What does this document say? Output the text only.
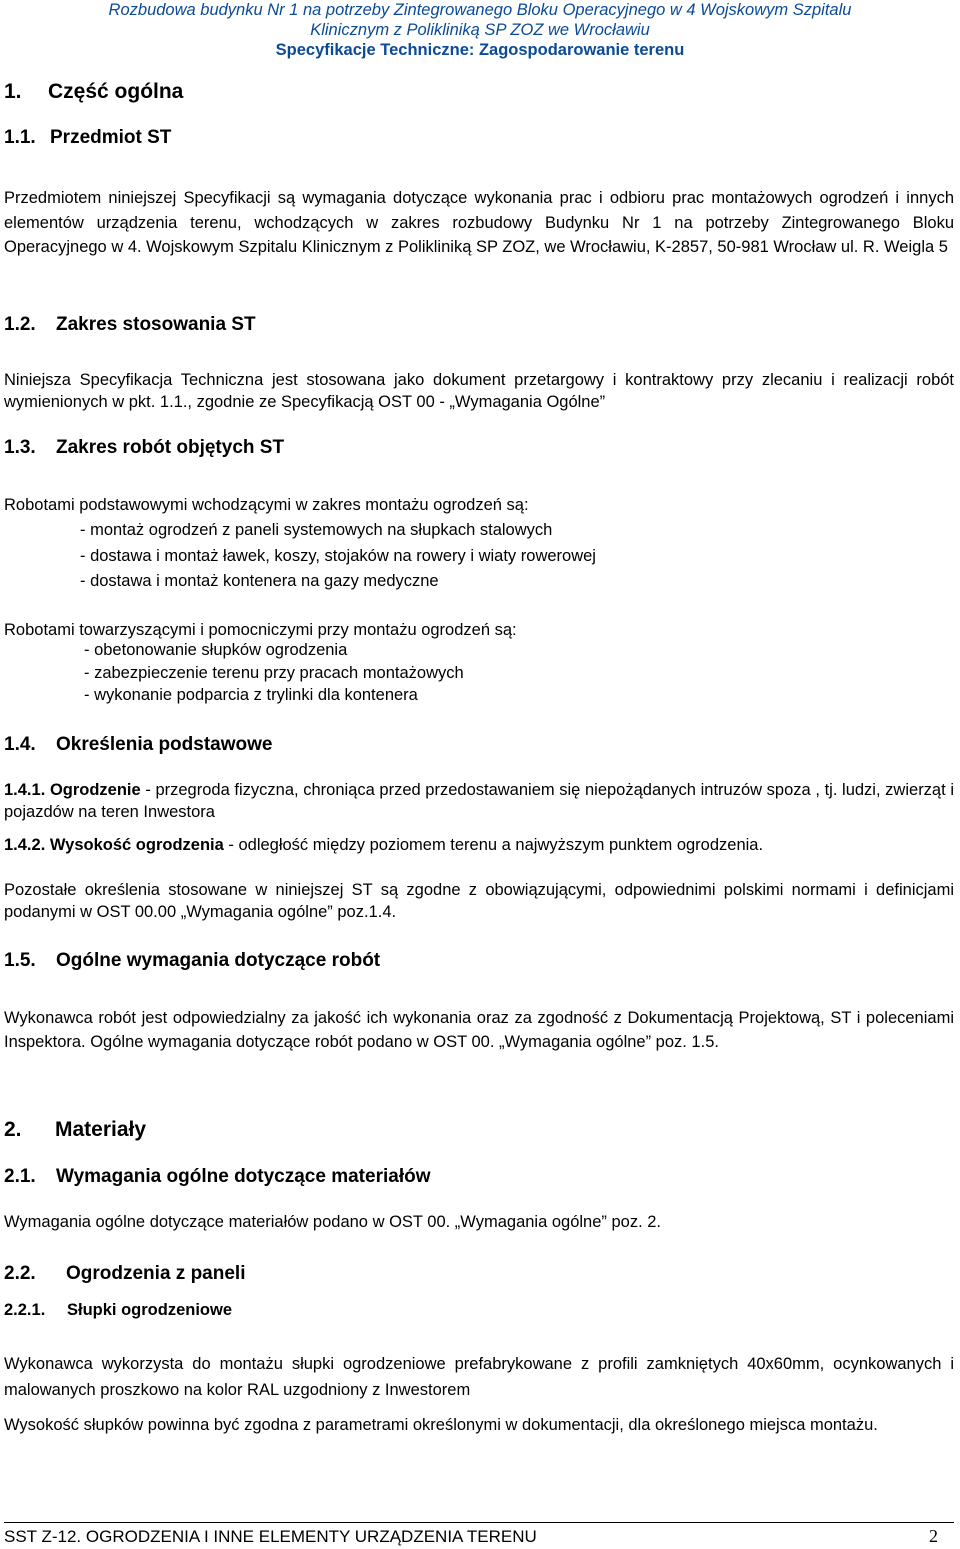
Rozbudowa budynku Nr 1 na potrzeby Zintegrowanego Bloku Operacyjnego w 4 Wojskowym Szpitalu
Klinicznym z Polikliniką SP ZOZ we Wrocławiu
Specyfikacje Techniczne: Zagospodarowanie terenu
1. Część ogólna
1.1. Przedmiot ST
Przedmiotem niniejszej Specyfikacji są wymagania dotyczące wykonania prac i odbioru prac montażowych ogrodzeń i innych elementów urządzenia terenu, wchodzących w zakres rozbudowy Budynku Nr 1 na potrzeby Zintegrowanego Bloku Operacyjnego w 4. Wojskowym Szpitalu Klinicznym z Polikliniką SP ZOZ, we Wrocławiu, K-2857, 50-981 Wrocław ul. R. Weigla 5
1.2. Zakres stosowania ST
Niniejsza Specyfikacja Techniczna jest stosowana jako dokument przetargowy i kontraktowy przy zlecaniu i realizacji robót wymienionych w pkt. 1.1., zgodnie ze Specyfikacją OST 00 - „Wymagania Ogólne”
1.3. Zakres robót objętych ST
Robotami podstawowymi wchodzącymi w zakres montażu ogrodzeń są:
- montaż ogrodzeń z paneli systemowych na słupkach stalowych
- dostawa i montaż ławek, koszy, stojaków na rowery i wiaty rowerowej
- dostawa i montaż kontenera na gazy medyczne
Robotami towarzyszącymi i pomocniczymi przy montażu ogrodzeń są:
- obetonowanie słupków ogrodzenia
- zabezpieczenie terenu przy pracach montażowych
- wykonanie podparcia z trylinki dla kontenera
1.4. Określenia podstawowe
1.4.1. Ogrodzenie - przegroda fizyczna, chroniąca przed przedostawaniem się niepożądanych intruzów spoza , tj. ludzi, zwierząt i pojazdów na teren Inwestora
1.4.2. Wysokość ogrodzenia - odległość między poziomem terenu a najwyższym punktem ogrodzenia.
Pozostałe określenia stosowane w niniejszej ST są zgodne z obowiązującymi, odpowiednimi polskimi normami i definicjami podanymi w OST 00.00 „Wymagania ogólne” poz.1.4.
1.5. Ogólne wymagania dotyczące robót
Wykonawca robót jest odpowiedzialny za jakość ich wykonania oraz za zgodność z Dokumentacją Projektową, ST i poleceniami Inspektora. Ogólne wymagania dotyczące robót podano w OST 00. „Wymagania ogólne” poz. 1.5.
2. Materiały
2.1. Wymagania ogólne dotyczące materiałów
Wymagania ogólne dotyczące materiałów podano w OST 00. „Wymagania ogólne” poz. 2.
2.2. Ogrodzenia z paneli
2.2.1. Słupki ogrodzeniowe
Wykonawca wykorzysta do montażu słupki ogrodzeniowe prefabrykowane z profili zamkniętych 40x60mm, ocynkowanych i malowanych proszkowo na kolor RAL uzgodniony z Inwestorem
Wysokość słupków powinna być zgodna z parametrami określonymi w dokumentacji, dla określonego miejsca montażu.
SST Z-12. OGRODZENIA I INNE ELEMENTY URZĄDZENIA TERENU	2
